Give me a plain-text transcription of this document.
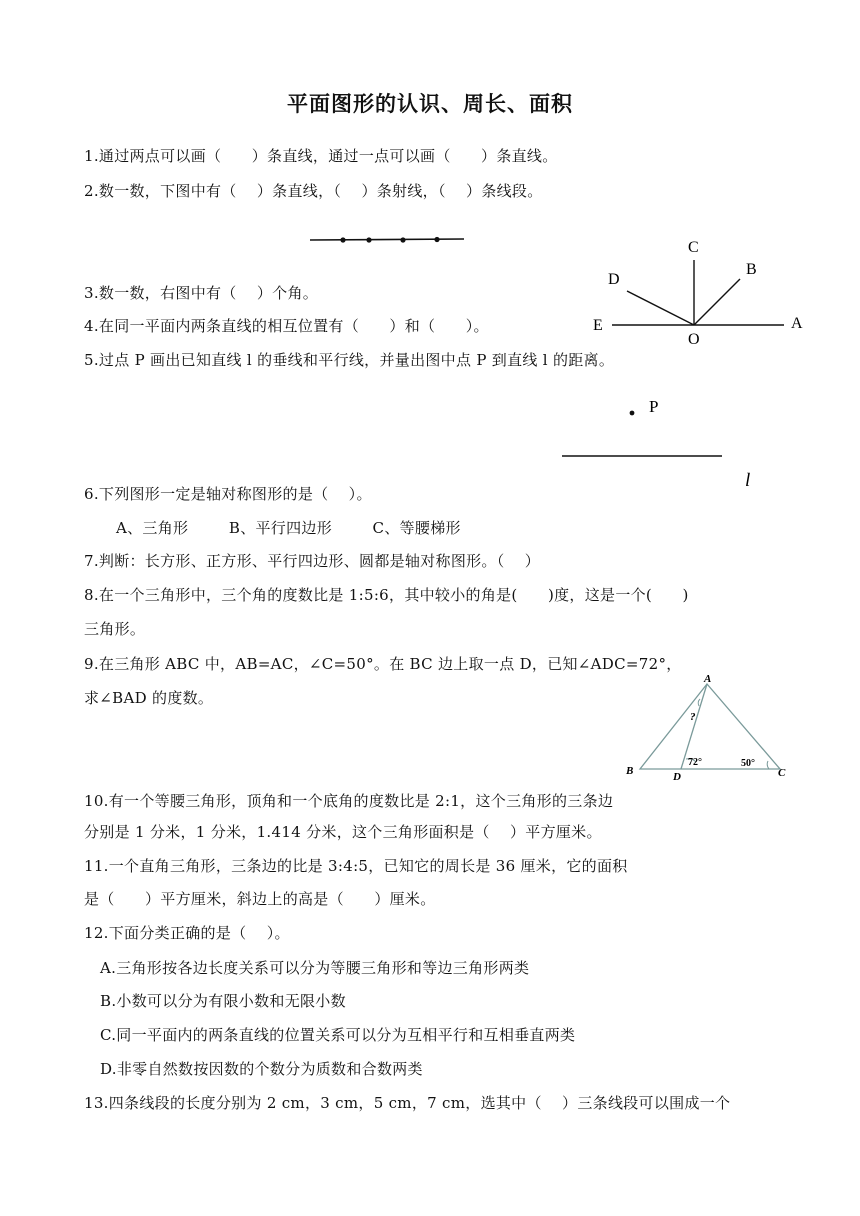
平面图形的认识、周长、面积
1.通过两点可以画（      ）条直线，通过一点可以画（      ）条直线。
2.数一数，下图中有（    ）条直线，（    ）条射线，（    ）条线段。
C
B
D
E
O
A
3.数一数，右图中有（    ）个角。
4.在同一平面内两条直线的相互位置有（      ）和（      ）。
5.过点 P 画出已知直线 l 的垂线和平行线，并量出图中点 P 到直线 l 的距离。
P
l
6.下列图形一定是轴对称图形的是（    ）。
A、三角形        B、平行四边形        C、等腰梯形
7.判断：长方形、正方形、平行四边形、圆都是轴对称图形。（    ）
8.在一个三角形中，三个角的度数比是 1:5:6，其中较小的角是(      )度，这是一个(      )
三角形。
9.在三角形 ABC 中，AB=AC，∠C=50°。在 BC 边上取一点 D，已知∠ADC=72°，
求∠BAD 的度数。
A
B	C
D
?
72°	50°
10.有一个等腰三角形，顶角和一个底角的度数比是 2:1，这个三角形的三条边
分别是 1 分米，1 分米，1.414 分米，这个三角形面积是（    ）平方厘米。
11.一个直角三角形，三条边的比是 3:4:5，已知它的周长是 36 厘米，它的面积
是（      ）平方厘米，斜边上的高是（      ）厘米。
12.下面分类正确的是（    ）。
A.三角形按各边长度关系可以分为等腰三角形和等边三角形两类
B.小数可以分为有限小数和无限小数
C.同一平面内的两条直线的位置关系可以分为互相平行和互相垂直两类
D.非零自然数按因数的个数分为质数和合数两类
13.四条线段的长度分别为 2 cm，3 cm，5 cm，7 cm，选其中（    ）三条线段可以围成一个
